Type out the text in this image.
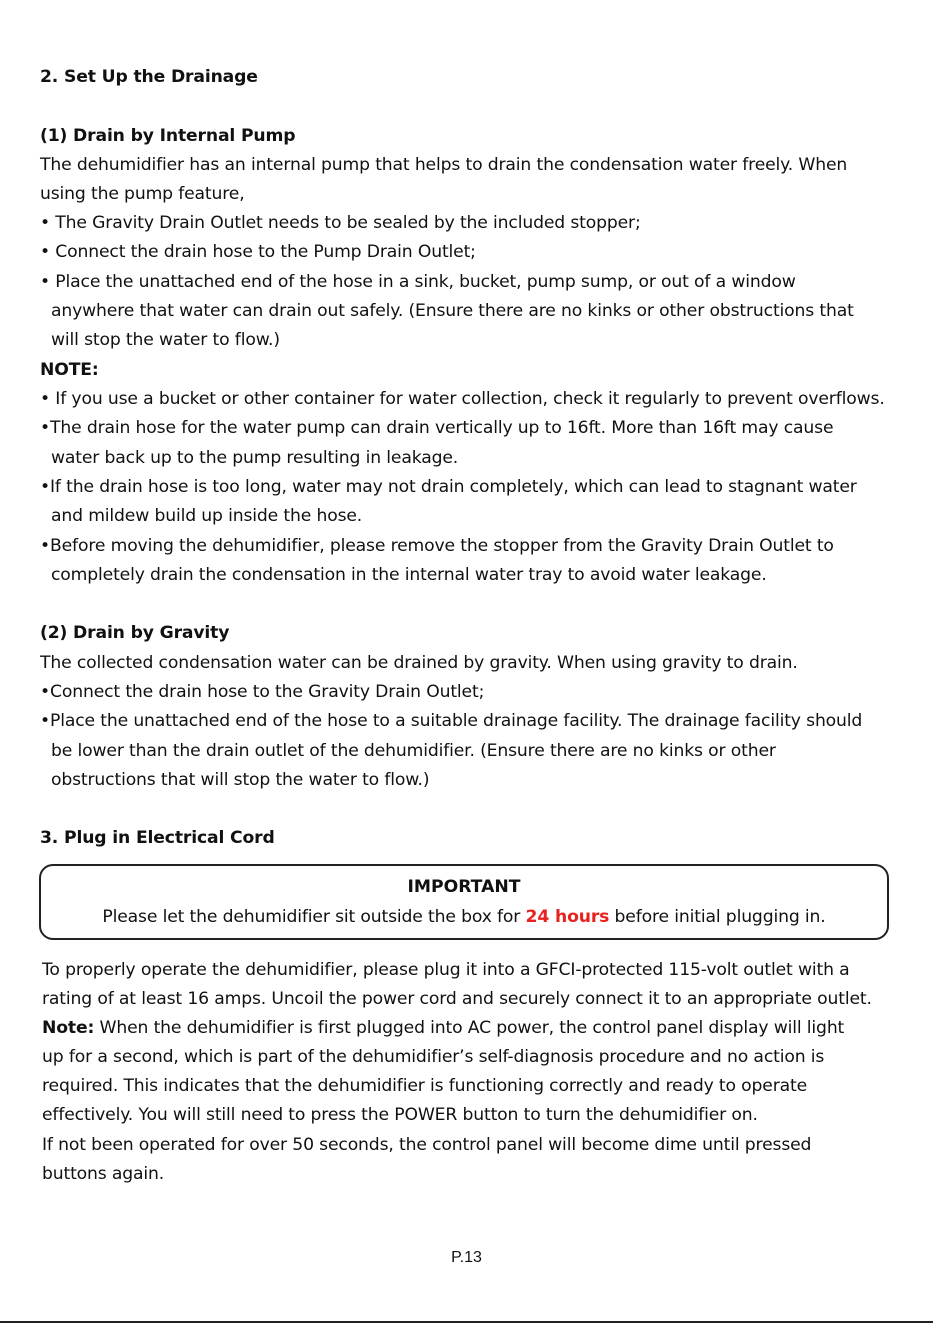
2. Set Up the Drainage
(1) Drain by Internal Pump
The dehumidifier has an internal pump that helps to drain the condensation water freely. When
using the pump feature,
• The Gravity Drain Outlet needs to be sealed by the included stopper;
• Connect the drain hose to the Pump Drain Outlet;
• Place the unattached end of the hose in a sink, bucket, pump sump, or out of a window
anywhere that water can drain out safely. (Ensure there are no kinks or other obstructions that
will stop the water to flow.)
NOTE:
• If you use a bucket or other container for water collection, check it regularly to prevent overflows.
•The drain hose for the water pump can drain vertically up to 16ft. More than 16ft may cause
water back up to the pump resulting in leakage.
•If the drain hose is too long, water may not drain completely, which can lead to stagnant water
and mildew build up inside the hose.
•Before moving the dehumidifier, please remove the stopper from the Gravity Drain Outlet to
completely drain the condensation in the internal water tray to avoid water leakage.
(2) Drain by Gravity
The collected condensation water can be drained by gravity. When using gravity to drain.
•Connect the drain hose to the Gravity Drain Outlet;
•Place the unattached end of the hose to a suitable drainage facility. The drainage facility should
be lower than the drain outlet of the dehumidifier. (Ensure there are no kinks or other
obstructions that will stop the water to flow.)
3. Plug in Electrical Cord
IMPORTANT
Please let the dehumidifier sit outside the box for 24 hours before initial plugging in.
To properly operate the dehumidifier, please plug it into a GFCI-protected 115-volt outlet with a
rating of at least 16 amps. Uncoil the power cord and securely connect it to an appropriate outlet.
Note: When the dehumidifier is first plugged into AC power, the control panel display will light
up for a second, which is part of the dehumidifier’s self-diagnosis procedure and no action is
required. This indicates that the dehumidifier is functioning correctly and ready to operate
effectively. You will still need to press the POWER button to turn the dehumidifier on.
If not been operated for over 50 seconds, the control panel will become dime until pressed
buttons again.
P.13
